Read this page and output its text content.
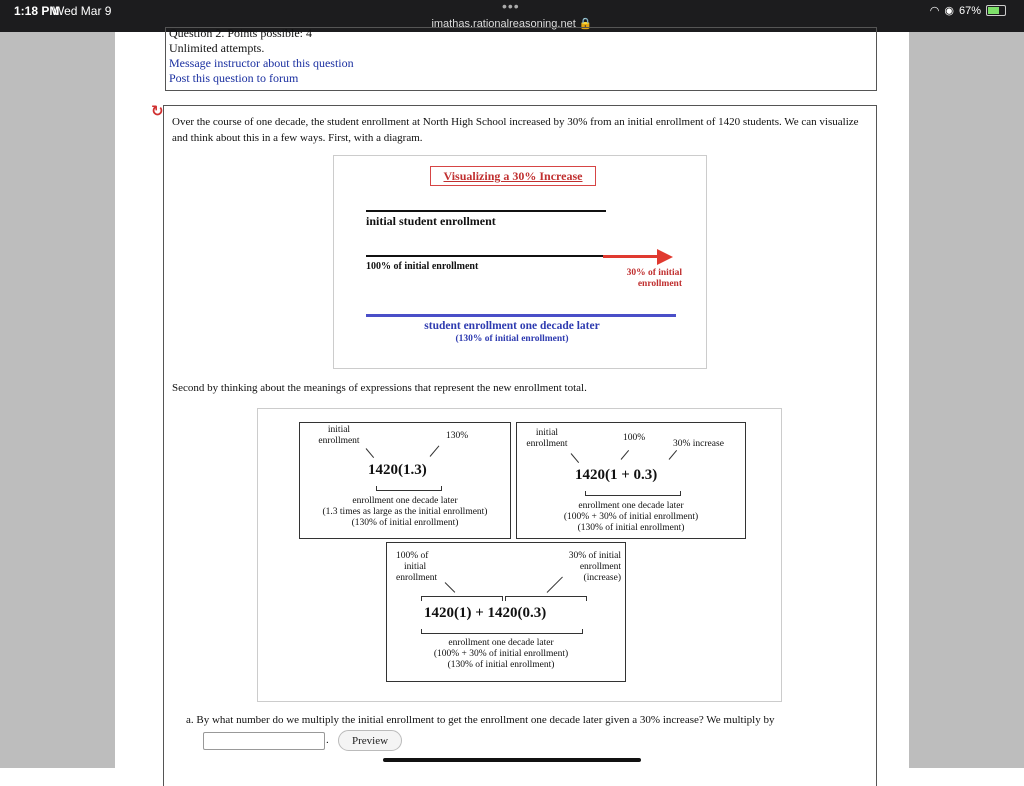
1:18 PM
Wed Mar 9	•••
imathas.rationalreasoning.net 🔒
◠ ◉ 67%
Question 2. Points possible: 4
Unlimited attempts.
Message instructor about this question
Post this question to forum
↻
Over the course of one decade, the student enrollment at North High School increased by 30% from an initial enrollment of 1420 students. We can visualize and think about this in a few ways. First, with a diagram.
Visualizing a 30% Increase
initial student enrollment
100% of initial enrollment
30% of initial
enrollment
student enrollment one decade later
(130% of initial enrollment)
Second by thinking about the meanings of expressions that represent the new enrollment total.
initial
enrollment	130%
1420(1.3)
enrollment one decade later
(1.3 times as large as the initial enrollment)
(130% of initial enrollment)
initial
enrollment
100%
30% increase
1420(1 + 0.3)
enrollment one decade later
(100% + 30% of initial enrollment)
(130% of initial enrollment)
100% of
initial
enrollment
30% of initial
enrollment
(increase)
1420(1) + 1420(0.3)
enrollment one decade later
(100% + 30% of initial enrollment)
(130% of initial enrollment)
a. By what number do we multiply the initial enrollment to get the enrollment one decade later given a 30% increase? We multiply by
.	Preview
